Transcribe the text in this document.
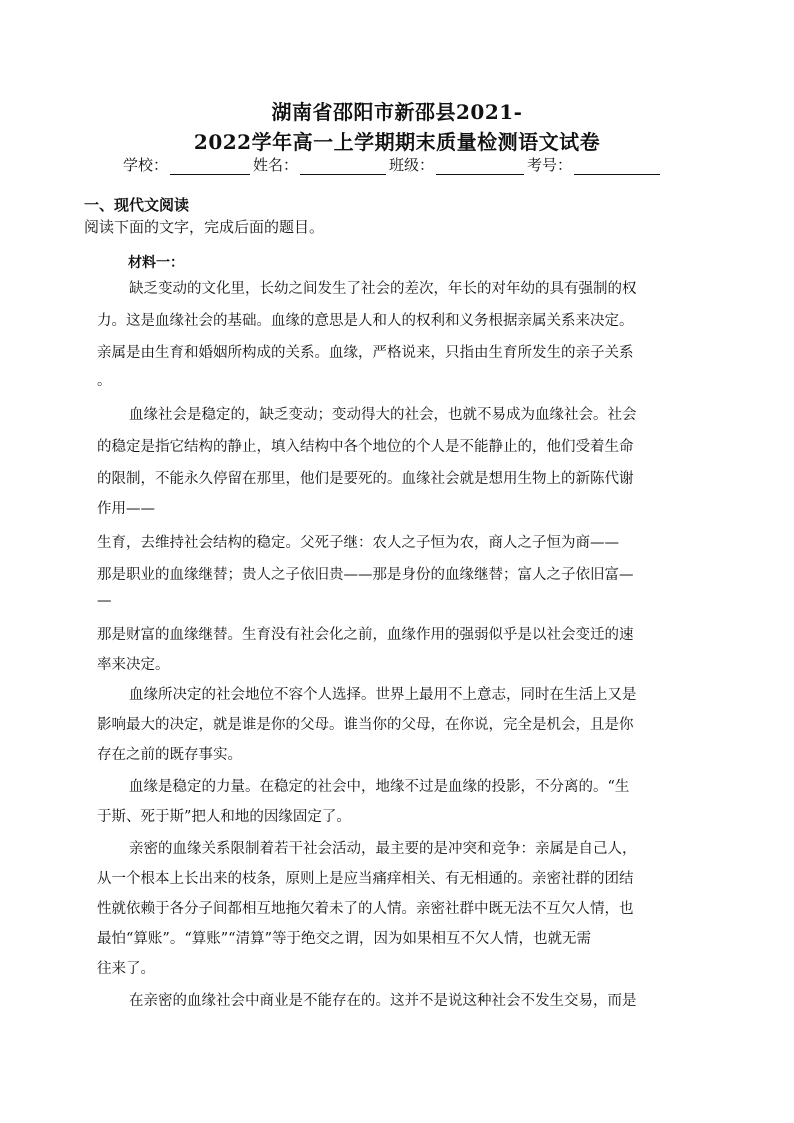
湖南省邵阳市新邵县2021-
2022学年高一上学期期末质量检测语文试卷
学校：	姓名：	班级：	考号：
一、现代文阅读
阅读下面的文字，完成后面的题目。
材料一：
缺乏变动的文化里，长幼之间发生了社会的差次，年长的对年幼的具有强制的权
力。这是血缘社会的基础。血缘的意思是人和人的权利和义务根据亲属关系来决定。
亲属是由生育和婚姻所构成的关系。血缘，严格说来，只指由生育所发生的亲子关系
。
血缘社会是稳定的，缺乏变动；变动得大的社会，也就不易成为血缘社会。社会
的稳定是指它结构的静止，填入结构中各个地位的个人是不能静止的，他们受着生命
的限制，不能永久停留在那里，他们是要死的。血缘社会就是想用生物上的新陈代谢
作用——
生育，去维持社会结构的稳定。父死子继：农人之子恒为农，商人之子恒为商——
那是职业的血缘继替；贵人之子依旧贵——那是身份的血缘继替；富人之子依旧富—
—
那是财富的血缘继替。生育没有社会化之前，血缘作用的强弱似乎是以社会变迁的速
率来决定。
血缘所决定的社会地位不容个人选择。世界上最用不上意志，同时在生活上又是
影响最大的决定，就是谁是你的父母。谁当你的父母，在你说，完全是机会，且是你
存在之前的既存事实。
血缘是稳定的力量。在稳定的社会中，地缘不过是血缘的投影，不分离的。“生
于斯、死于斯”把人和地的因缘固定了。
亲密的血缘关系限制着若干社会活动，最主要的是冲突和竞争：亲属是自己人，
从一个根本上长出来的枝条，原则上是应当痛痒相关、有无相通的。亲密社群的团结
性就依赖于各分子间都相互地拖欠着未了的人情。亲密社群中既无法不互欠人情，也
最怕“算账”。“算账”“清算”等于绝交之谓，因为如果相互不欠人情，也就无需
往来了。
在亲密的血缘社会中商业是不能存在的。这并不是说这种社会不发生交易，而是
